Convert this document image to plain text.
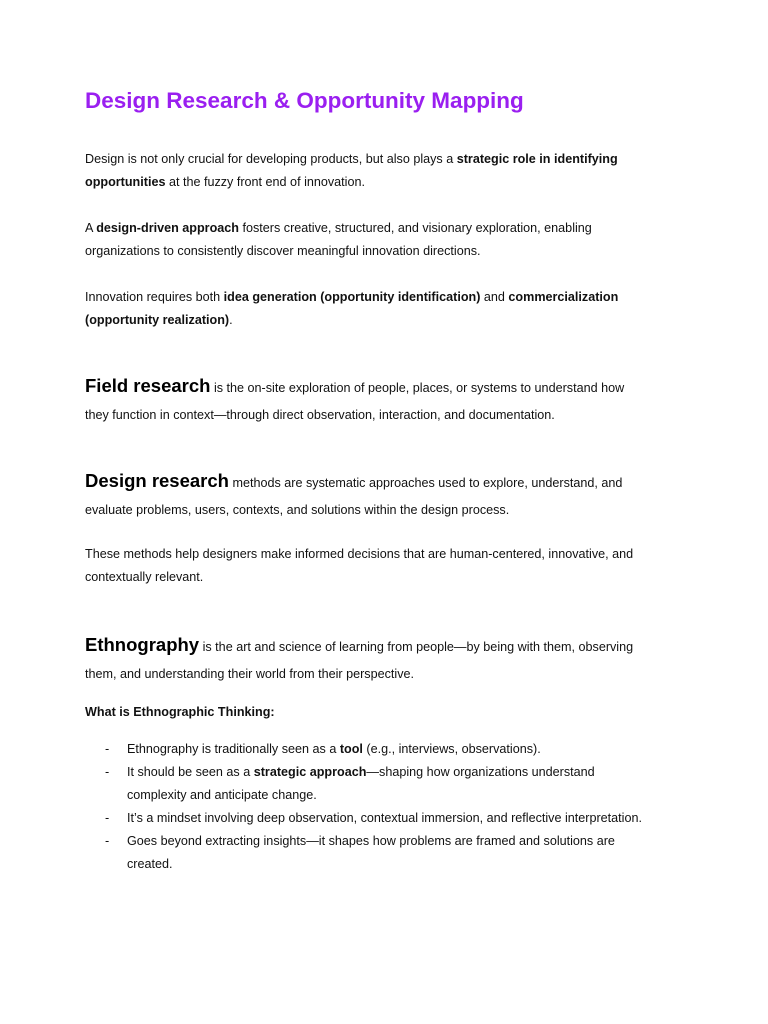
Design Research & Opportunity Mapping

Design is not only crucial for developing products, but also plays a strategic role in identifying opportunities at the fuzzy front end of innovation.

A design-driven approach fosters creative, structured, and visionary exploration, enabling organizations to consistently discover meaningful innovation directions.

Innovation requires both idea generation (opportunity identification) and commercialization (opportunity realization).

Field research is the on-site exploration of people, places, or systems to understand how they function in context—through direct observation, interaction, and documentation.

Design research methods are systematic approaches used to explore, understand, and evaluate problems, users, contexts, and solutions within the design process.

These methods help designers make informed decisions that are human-centered, innovative, and contextually relevant.

Ethnography is the art and science of learning from people—by being with them, observing them, and understanding their world from their perspective.

What is Ethnographic Thinking:

- Ethnography is traditionally seen as a tool (e.g., interviews, observations).
- It should be seen as a strategic approach—shaping how organizations understand complexity and anticipate change.
- It’s a mindset involving deep observation, contextual immersion, and reflective interpretation.
- Goes beyond extracting insights—it shapes how problems are framed and solutions are created.
